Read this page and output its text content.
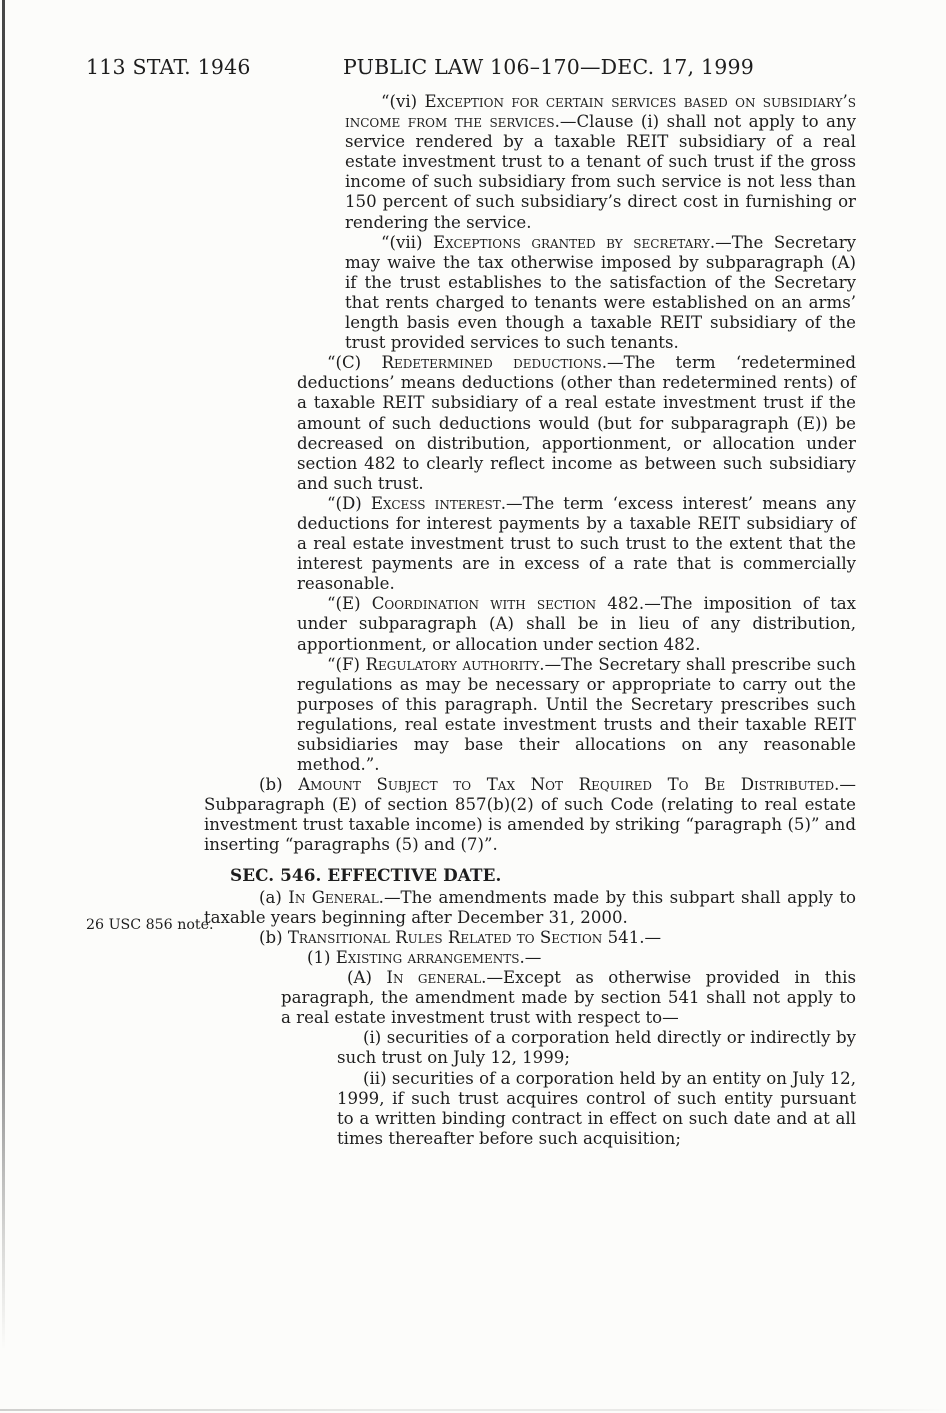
113 STAT. 1946	PUBLIC LAW 106–170—DEC. 17, 1999
26 USC 856 note.

“(vi) Exception for certain services based on subsidiary’s income from the services.—Clause (i) shall not apply to any service rendered by a taxable REIT subsidiary of a real estate investment trust to a tenant of such trust if the gross income of such subsidiary from such service is not less than 150 percent of such subsidiary’s direct cost in furnishing or rendering the service.

“(vii) Exceptions granted by secretary.—The Secretary may waive the tax otherwise imposed by subparagraph (A) if the trust establishes to the satisfaction of the Secretary that rents charged to tenants were established on an arms’ length basis even though a taxable REIT subsidiary of the trust provided services to such tenants.

“(C) Redetermined deductions.—The term ‘redetermined deductions’ means deductions (other than redetermined rents) of a taxable REIT subsidiary of a real estate investment trust if the amount of such deductions would (but for subparagraph (E)) be decreased on distribution, apportionment, or allocation under section 482 to clearly reflect income as between such subsidiary and such trust.

“(D) Excess interest.—The term ‘excess interest’ means any deductions for interest payments by a taxable REIT subsidiary of a real estate investment trust to such trust to the extent that the interest payments are in excess of a rate that is commercially reasonable.

“(E) Coordination with section 482.—The imposition of tax under subparagraph (A) shall be in lieu of any distribution, apportionment, or allocation under section 482.

“(F) Regulatory authority.—The Secretary shall prescribe such regulations as may be necessary or appropriate to carry out the purposes of this paragraph. Until the Secretary prescribes such regulations, real estate investment trusts and their taxable REIT subsidiaries may base their allocations on any reasonable method.”.

(b) Amount Subject to Tax Not Required To Be Distributed.—Subparagraph (E) of section 857(b)(2) of such Code (relating to real estate investment trust taxable income) is amended by striking “paragraph (5)” and inserting “paragraphs (5) and (7)”.

SEC. 546. EFFECTIVE DATE.

(a) In General.—The amendments made by this subpart shall apply to taxable years beginning after December 31, 2000.

(b) Transitional Rules Related to Section 541.—

(1) Existing arrangements.—

(A) In general.—Except as otherwise provided in this paragraph, the amendment made by section 541 shall not apply to a real estate investment trust with respect to—

(i) securities of a corporation held directly or indirectly by such trust on July 12, 1999;

(ii) securities of a corporation held by an entity on July 12, 1999, if such trust acquires control of such entity pursuant to a written binding contract in effect on such date and at all times thereafter before such acquisition;
